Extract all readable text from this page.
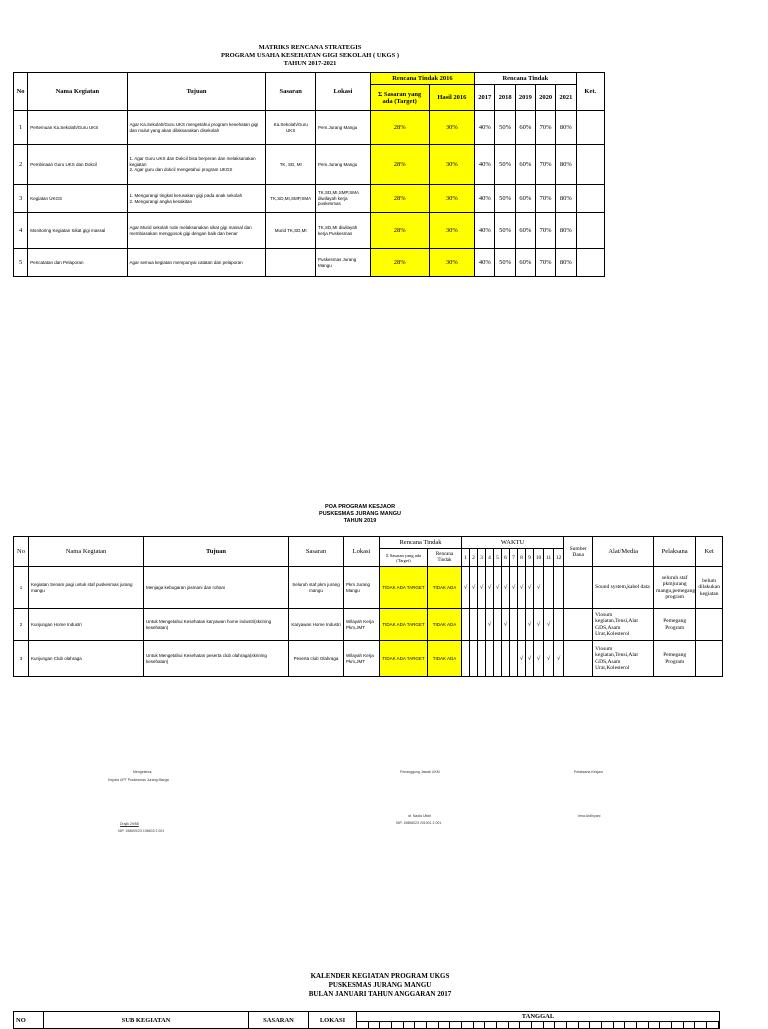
MATRIKS RENCANA STRATEGIS
PROGRAM USAHA KESEHATAN GIGI SEKOLAH ( UKGS )
TAHUN 2017-2021
No	Nama Kegiatan	Tujuan	Sasaran	Lokasi	Rencana Tindak 2016		Rencana Tindak					Ket.
					Σ Sasaran yang ada (Target)	Hasil 2016	2017	2018	2019	2020	2021	
1	Pertemuan Ka.Sekolah/Guru UKS	Agar Ka.Sekolah/Guru UKS mengetahui program kesehatan gigi dan mulut yang akan dilaksanakan disekolah	Ka.Sekolah/Guru UKS	Pem.Jurang Mangu	28%	30%	40%	50%	60%	70%	80%	
2	Pembinaan Guru UKS dan Dokcil	1. Agar Guru UKS dan Dokcil bisa berperan dan melaksanakan kegiatan
2. Agar guru dan dokcil mengetahui program UKGS	TK, SD, MI	Pem.Jurang Mangu	28%	30%	40%	50%	60%	70%	80%	
3	Kegiatan UKGS	1. Mengurangi tingkat kerusakan gigi pada anak sekolah
2. Mengurangi angka kesakitan	TK,SD,MI,SMP,SMA	TK,SD,MI,SMP,SMA diwilayah kerja puskesmas	28%	30%	40%	50%	60%	70%	80%	
4	Monitoring Kegiatan Sikat gigi massal	Agar Murid sekolah rutin melaksanakan sikat gigi massal dan membiasakan menggosok gigi dengan baik dan benar	Murid TK,SD,MI	TK,SD,MI diwilayah kerja Puskesmas	28%	30%	40%	50%	60%	70%	80%	
5	Pencatatan dan Pelaporan	Agar semua kegiatan mempunyai catatan dan pelaporan		Puskesmas Jurang Mangu	28%	30%	40%	50%	60%	70%	80%	
POA PROGRAM KESJAOR
PUSKESMAS JURANG MANGU
TAHUN 2019
No	Nama Kegiatan	Tujuan	Sasaran	Lokasi	Rencana Tindak		WAKTU												Sumber Dana	Alat/Media	Pelaksana	Ket
					Σ Sasaran yang ada (Target)	Rencana Tindak	1	2	3	4	5	6	7	8	9	10	11	12				
1	Kegiatan Senam pagi untuk staf puskesmas jurang mangu	Menjaga kebugaran jasmani dan rohani	Seluruh staf pkm jurang mangu	Pkm Jurang Mangu	TIDAK ADA TARGET	TIDAK ADA	√	√	√	√	√	√	√	√	√	√				Sound system,kabel data	seluruh staf pkmjurang mangu,pemegang program	belum dilakukan kegiatan
2	Kunjungan Home Industri	Untuk Mengetahui Kesehatan karyawan home industri(skrining kesehatan)	Karyawan Home Industri	Wilayah Kerja Pkm,JMT	TIDAK ADA TARGET	TIDAK ADA				√		√			√	√	√			Viosum kegiatan,Tensi,Alat GDS,Asam Urat,Kolesterol	Pemegang Program	
3	Kunjungan Club olahraga	Untuk Mengetahui Kesehatan peserta club olahraga(skrining kesehatan)	Peserta club Olahraga	Wilayah Kerja Pkm,JMT	TIDAK ADA TARGET	TIDAK ADA								√	√	√	√	√		Viosum kegiatan,Tensi,Alat GDS,Asam Urat,Kolesterol	Pemegang Program	
Mengetahui,
Kepala UPT Puskesmas Jurang Mangu
Drajik 29/58
NIP. 198609/23 196603 2 001
Penanggung Jawab UKM
dr. Nadia Ulfah
NIP. 19868023 201001 2 001
Pelaksana Kesjaor
Irma Ardhiyani
KALENDER KEGIATAN PROGRAM UKGS
PUSKESMAS JURANG MANGU
BULAN JANUARI TAHUN ANGGARAN 2017
NO	SUB KEGIATAN	SASARAN	LOKASI	TANGGAL
